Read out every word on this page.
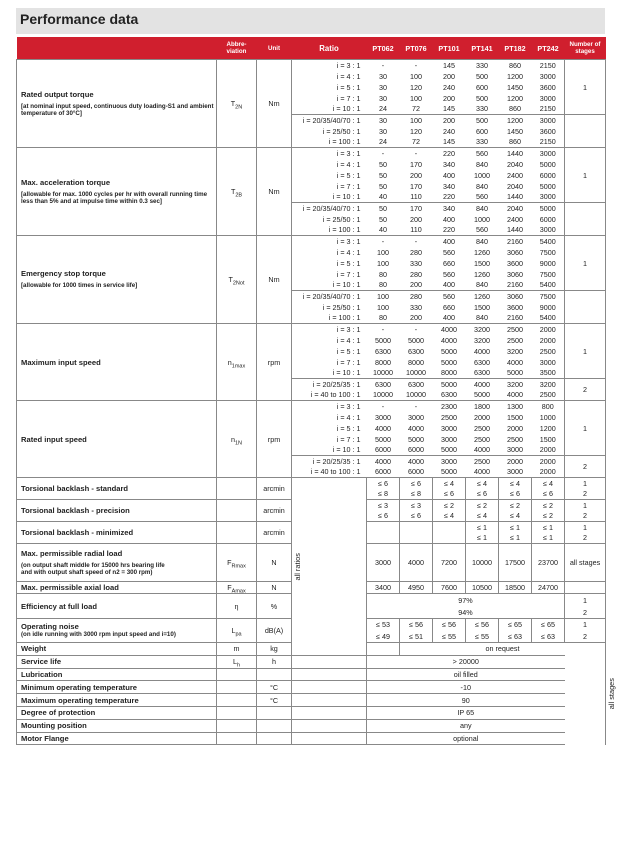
Performance data
	Abbre-viation	Unit	Ratio	PT062	PT076	PT101	PT141	PT182	PT242	Number of stages	
Rated output torque
[at nominal input speed, continuous duty loading-S1 and ambient temperature of 30°C]	$T_{2N}$	Nm	i = 3 : 1	-	-	145	330	860	2150	1	
			i = 4 : 1	30	100	200	500	1200	3000		
			i = 5 : 1	30	120	240	600	1450	3600		
			i = 7 : 1	30	100	200	500	1200	3000		
			i = 10 : 1	24	72	145	330	860	2150		
			i = 20/35/40/70 : 1	30	100	200	500	1200	3000		
			i = 25/50 : 1	30	120	240	600	1450	3600		
			i = 100 : 1	24	72	145	330	860	2150		
Max. acceleration torque
[allowable for max. 1000 cycles per hr with overall running time less than 5% and at impulse time within 0.3 sec]	$T_{2B}$	Nm	i = 3 : 1	-	-	220	560	1440	3000	1	
			i = 4 : 1	50	170	340	840	2040	5000		
			i = 5 : 1	50	200	400	1000	2400	6000		
			i = 7 : 1	50	170	340	840	2040	5000		
			i = 10 : 1	40	110	220	560	1440	3000		
			i = 20/35/40/70 : 1	50	170	340	840	2040	5000		
			i = 25/50 : 1	50	200	400	1000	2400	6000		
			i = 100 : 1	40	110	220	560	1440	3000		
Emergency stop torque
[allowable for 1000 times in service life]	$T_{2Not}$	Nm	i = 3 : 1	-	-	400	840	2160	5400	1	
			i = 4 : 1	100	280	560	1260	3060	7500		
			i = 5 : 1	100	330	660	1500	3600	9000		
			i = 7 : 1	80	280	560	1260	3060	7500		
			i = 10 : 1	80	200	400	840	2160	5400		
			i = 20/35/40/70 : 1	100	280	560	1260	3060	7500		
			i = 25/50 : 1	100	330	660	1500	3600	9000		
			i = 100 : 1	80	200	400	840	2160	5400		
Maximum input speed	$n_{1max}$	rpm	i = 3 : 1	-	-	4000	3200	2500	2000	1	
			i = 4 : 1	5000	5000	4000	3200	2500	2000		
			i = 5 : 1	6300	6300	5000	4000	3200	2500		
			i = 7 : 1	8000	8000	5000	6300	4000	3000		
			i = 10 : 1	10000	10000	8000	6300	5000	3500		
			i = 20/25/35 : 1	6300	6300	5000	4000	3200	3200	2	
			i = 40 to 100 : 1	10000	10000	6300	5000	4000	2500		
Rated input speed	$n_{1N}$	rpm	i = 3 : 1	-	-	2300	1800	1300	800	1	
			i = 4 : 1	3000	3000	2500	2000	1500	1000		
			i = 5 : 1	4000	4000	3000	2500	2000	1200		
			i = 7 : 1	5000	5000	3000	2500	2500	1500		
			i = 10 : 1	6000	6000	5000	4000	3000	2000		
			i = 20/25/35 : 1	4000	4000	3000	2500	2000	2000	2	
			i = 40 to 100 : 1	6000	6000	5000	4000	3000	2000		
Torsional backlash - standard		arcmin	all ratios	≤ 6	≤ 6	≤ 4	≤ 4	≤ 4	≤ 4	1	
				≤ 8	≤ 8	≤ 6	≤ 6	≤ 6	≤ 6	2	
Torsional backlash - precision		arcmin		≤ 3	≤ 3	≤ 2	≤ 2	≤ 2	≤ 2	1	
				≤ 6	≤ 6	≤ 4	≤ 4	≤ 4	≤ 2	2	
Torsional backlash - minimized		arcmin					≤ 1	≤ 1	≤ 1	1	
							≤ 1	≤ 1	≤ 1	2	
Max. permissible radial load
(on output shaft middle for 15000 hrs bearing life
and with output shaft speed of n2 = 300 rpm)	$F_{Rmax}$	N		3000	4000	7200	10000	17500	23700	all stages	
Max. permissible axial load	$F_{Amax}$	N		3400	4950	7600	10500	18500	24700		
Efficiency at full load	η	%		97%						1	
				94%						2	
Operating noise
(on idle running with 3000 rpm input speed and i=10)	$L_{pa}$	dB(A)		≤ 53	≤ 56	≤ 56	≤ 56	≤ 65	≤ 65	1	
				≤ 49	≤ 51	≤ 55	≤ 55	≤ 63	≤ 63	2	
Weight	m	kg			on request						all stages

Service life	$L_h$	h		> 20000							
Lubrication				oil filled							
Minimum operating temperature		°C		-10							
Maximum operating temperature		°C		90							
Degree of protection				IP 65							
Mounting position				any							
Motor Flange				optional							
